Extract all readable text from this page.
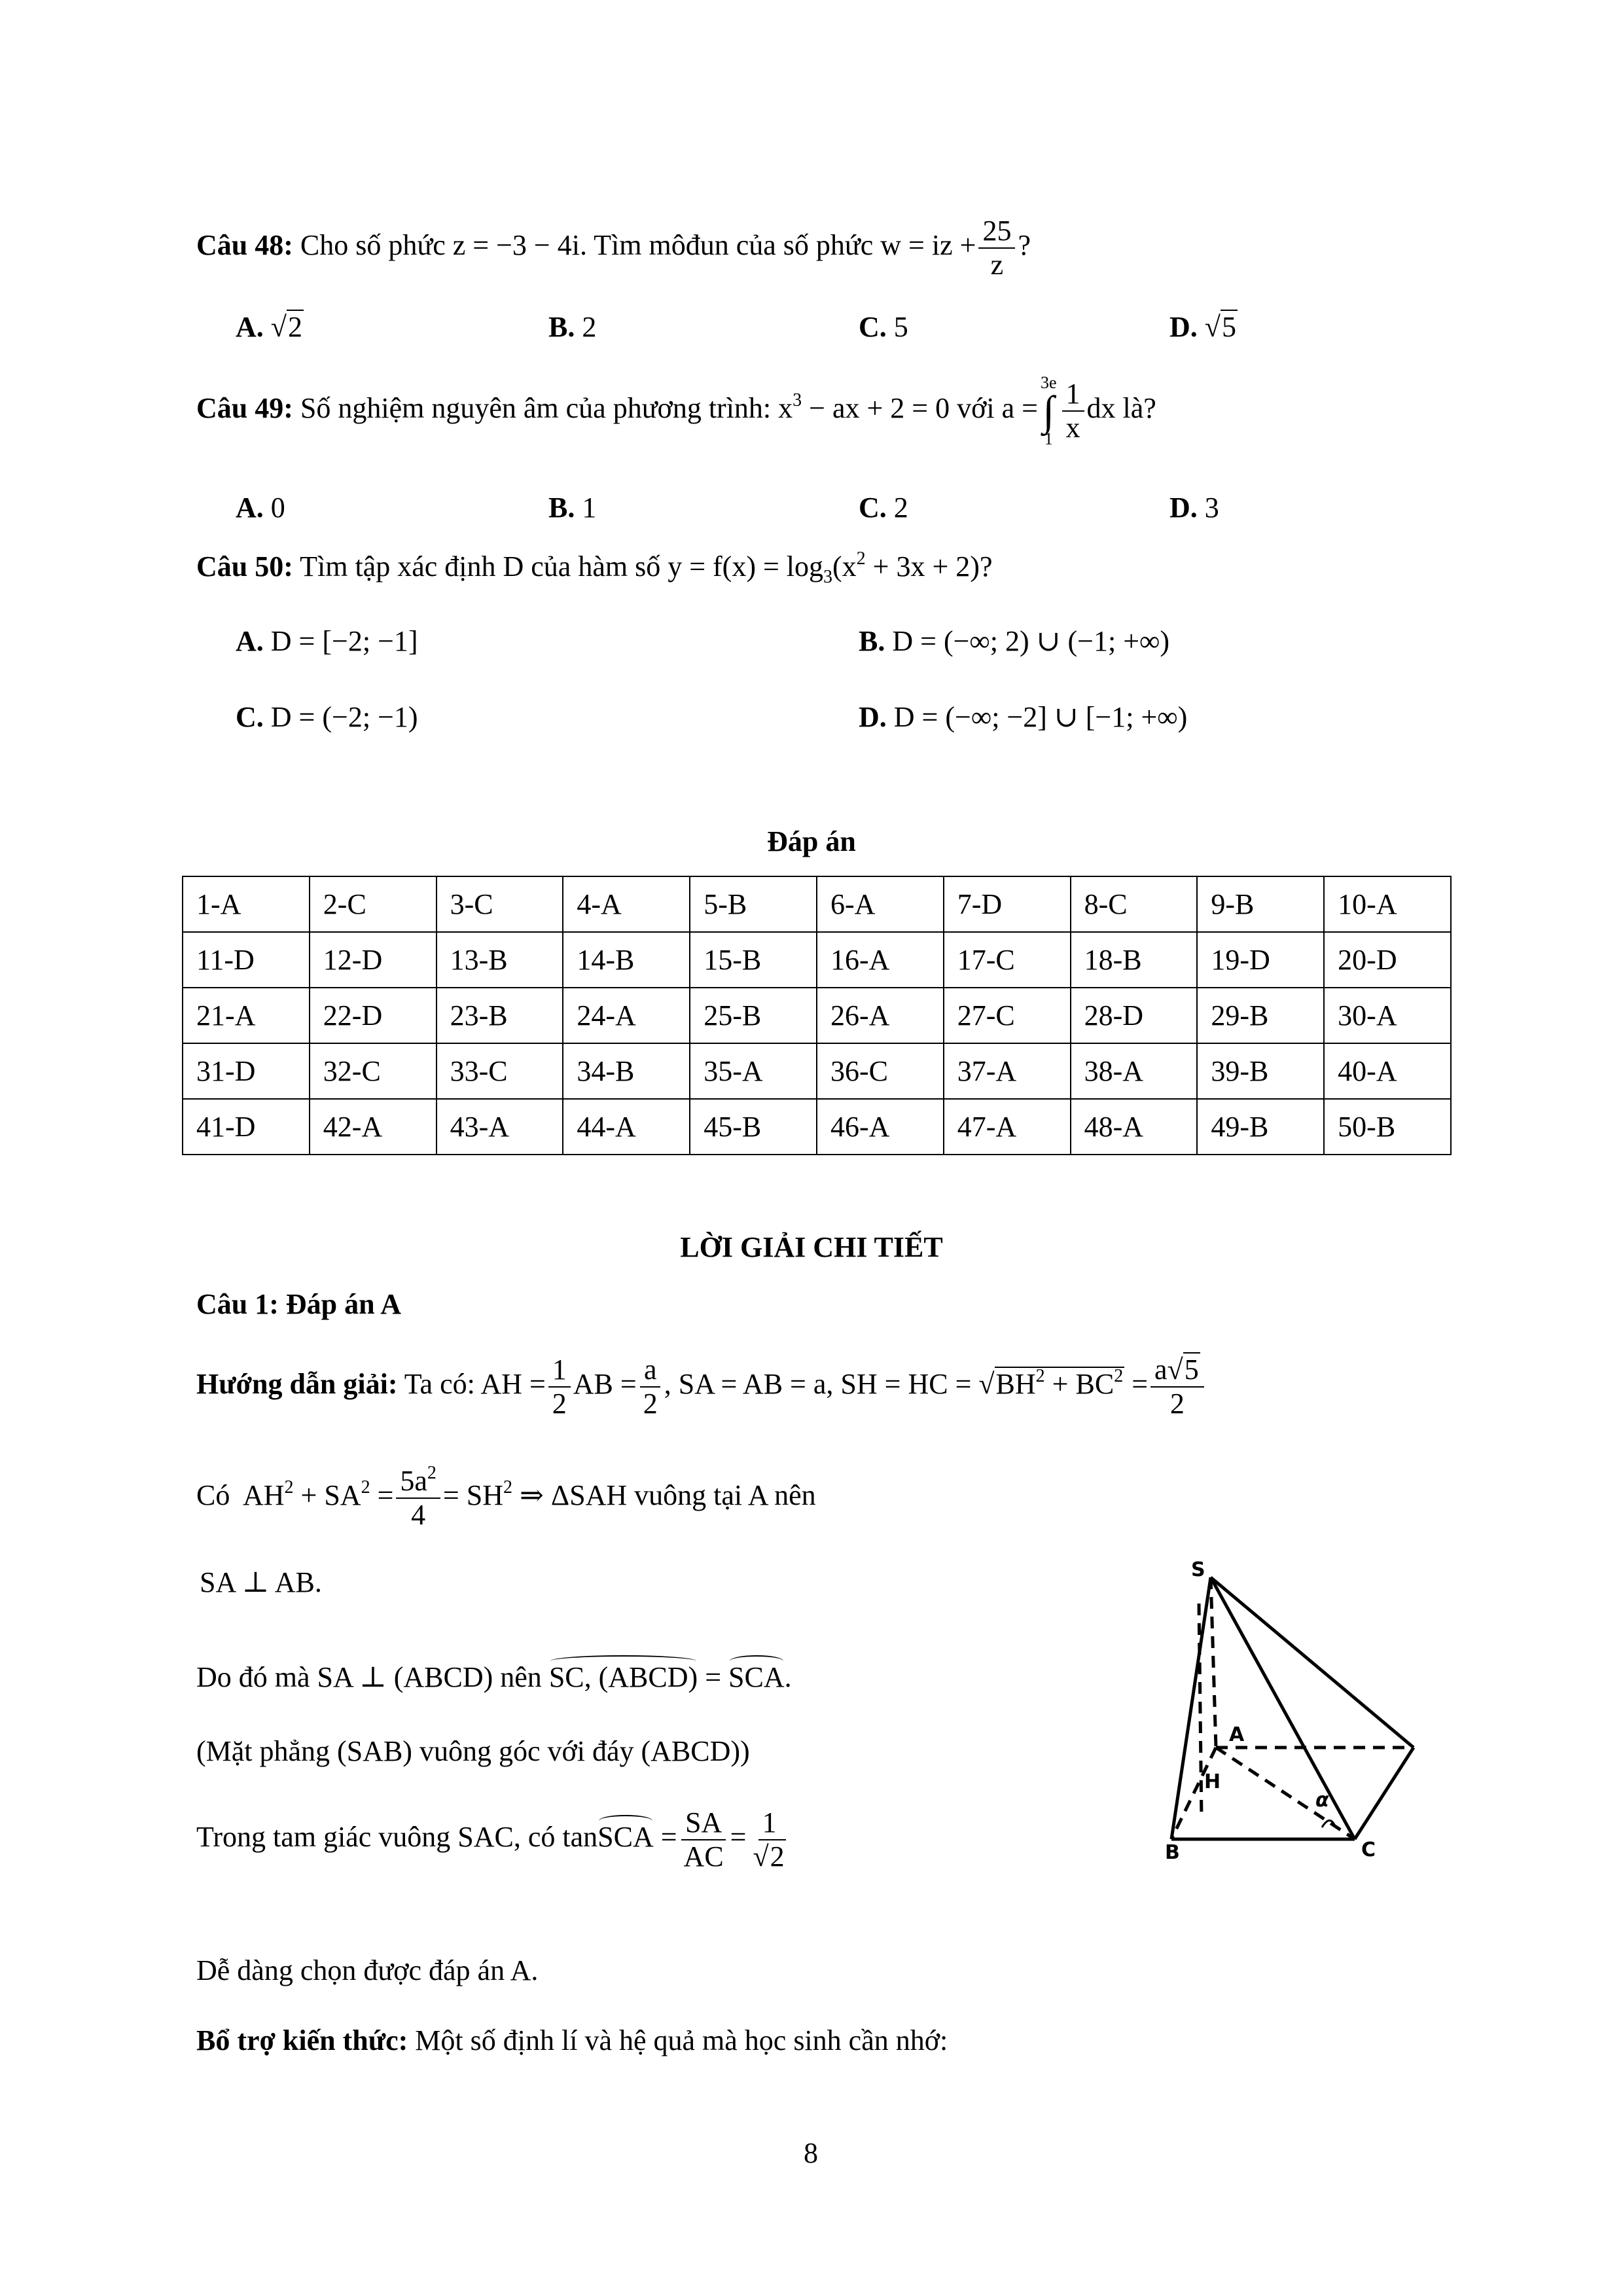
Câu 48: Cho số phức z = −3 − 4i. Tìm môđun của số phức w = iz + $\frac{25}{z}$ ?
A. √2	B. 2	C. 5	D. √5
Câu 49: Số nghiệm nguyên âm của phương trình: $x^3$ − ax + 2 = 0 với a =
3e
∫
$1 \frac{1}{x}$ dx là?
A. 0	B. 1	C. 2	D. 3
Câu 50: Tìm tập xác định D của hàm số $y = f(x) = \log_3(x^2 + 3x + 2)$?
A. D = [−2; −1]	B. D = (−∞; 2) ∪ (−1; +∞)
C. D = (−2; −1)	D. D = (−∞; −2] ∪ [−1; +∞)
Đáp án
1-A	2-C	3-C	4-A	5-B	6-A	7-D	8-C	9-B	10-A
11-D	12-D	13-B	14-B	15-B	16-A	17-C	18-B	19-D	20-D
21-A	22-D	23-B	24-A	25-B	26-A	27-C	28-D	29-B	30-A
31-D	32-C	33-C	34-B	35-A	36-C	37-A	38-A	39-B	40-A
41-D	42-A	43-A	44-A	45-B	46-A	47-A	48-A	49-B	50-B
LỜI GIẢI CHI TIẾT
Câu 1: Đáp án A
Hướng dẫn giải: Ta có: AH = $\frac{1}{2}$ AB = $\frac{a}{2}$ , SA = AB = a, SH = HC = $√BH^2 + BC^2 = \frac{a√5}{2}$
Có $AH^2 + SA^2 = \frac{5a^2}{4} = SH^2$ ⇒ ΔSAH vuông tại A nên
SA ⊥ AB.
Do đó mà SA ⊥ (ABCD) nên SC, (ABCD) = SCA.
(Mặt phẳng (SAB) vuông góc với đáy (ABCD))
Trong tam giác vuông SAC, có tanSCA = $\frac{SA}{AC} = \frac{1}{√2}$
S
A
B	C
H
α
Dễ dàng chọn được đáp án A.
Bổ trợ kiến thức: Một số định lí và hệ quả mà học sinh cần nhớ:
8
